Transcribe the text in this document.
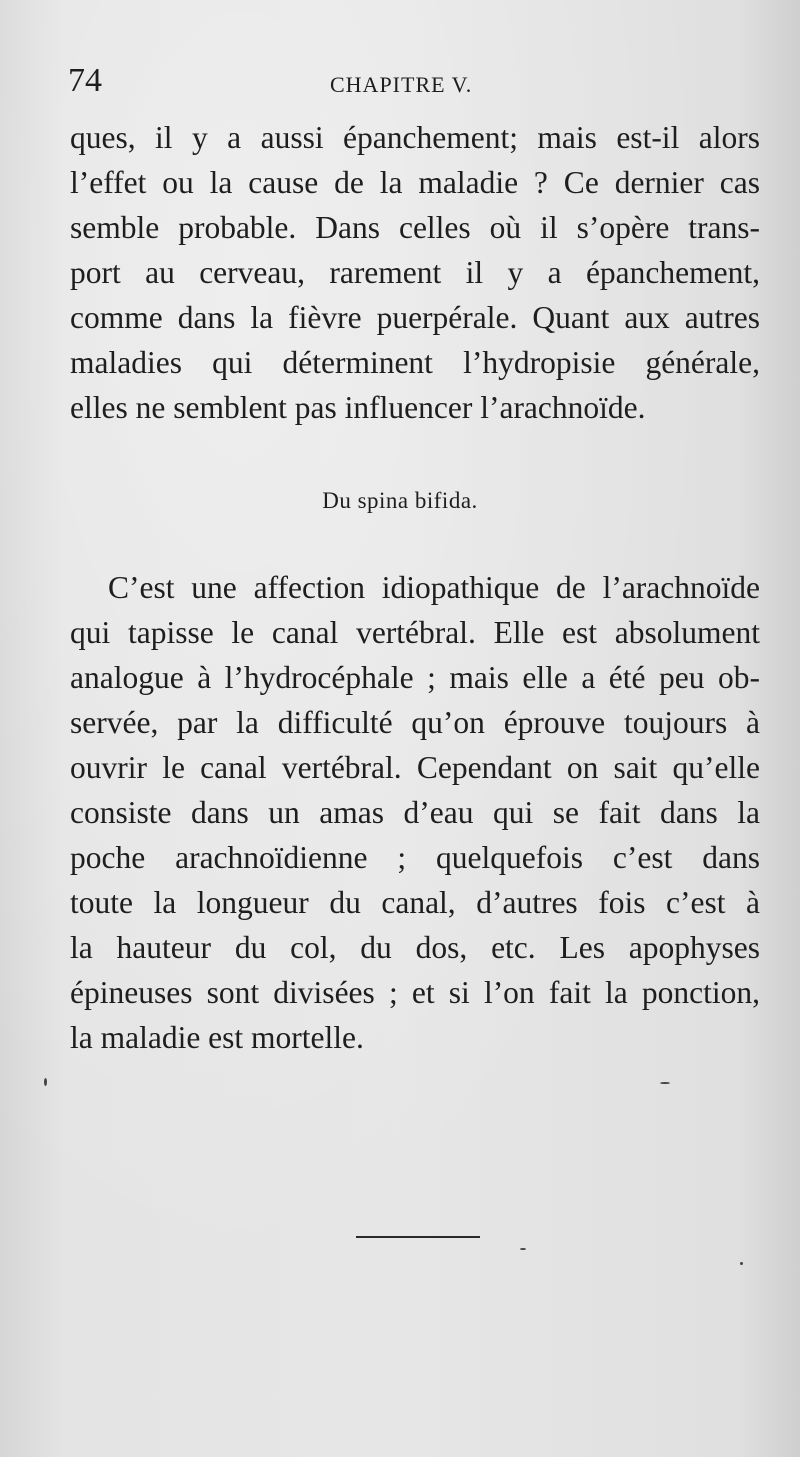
74	CHAPITRE V.
ques, il y a aussi épanchement; mais est-il alors
l’effet ou la cause de la maladie ? Ce dernier cas
semble probable. Dans celles où il s’opère trans-
port au cerveau, rarement il y a épanchement,
comme dans la fièvre puerpérale. Quant aux autres
maladies qui déterminent l’hydropisie générale,
elles ne semblent pas influencer l’arachnoïde.
Du spina bifida.
C’est une affection idiopathique de l’arachnoïde
qui tapisse le canal vertébral. Elle est absolument
analogue à l’hydrocéphale ; mais elle a été peu ob-
servée, par la difficulté qu’on éprouve toujours à
ouvrir le canal vertébral. Cependant on sait qu’elle
consiste dans un amas d’eau qui se fait dans la
poche arachnoïdienne ; quelquefois c’est dans
toute la longueur du canal, d’autres fois c’est à
la hauteur du col, du dos, etc. Les apophyses
épineuses sont divisées ; et si l’on fait la ponction,
la maladie est mortelle.
